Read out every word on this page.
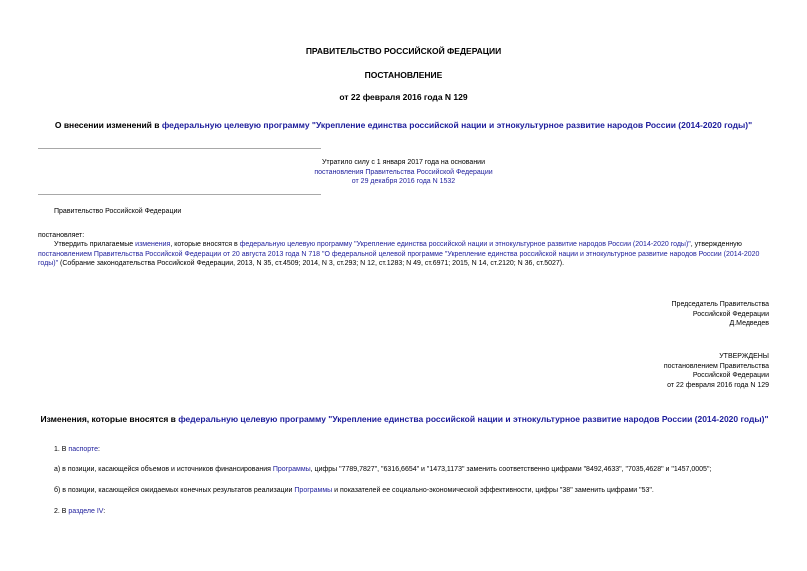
ПРАВИТЕЛЬСТВО РОССИЙСКОЙ ФЕДЕРАЦИИ
ПОСТАНОВЛЕНИЕ
от 22 февраля 2016 года N 129
О внесении изменений в федеральную целевую программу "Укрепление единства российской нации и этнокультурное развитие народов России (2014-2020 годы)"

Утратило силу с 1 января 2017 года на основании

постановления Правительства Российской Федерации

от 29 декабря 2016 года N 1532

Правительство Российской Федерации
постановляет:
Утвердить прилагаемые изменения, которые вносятся в федеральную целевую программу "Укрепление единства российской нации и этнокультурное развитие народов России (2014-2020 годы)", утвержденную постановлением Правительства Российской Федерации от 20 августа 2013 года N 718 "О федеральной целевой программе "Укрепление единства российской нации и этнокультурное развитие народов России (2014-2020 годы)" (Собрание законодательства Российской Федерации, 2013, N 35, ст.4509; 2014, N 3, ст.293; N 12, ст.1283; N 49, ст.6971; 2015, N 14, ст.2120; N 36, ст.5027).

Председатель Правительства

Российской Федерации

Д.Медведев

УТВЕРЖДЕНЫ

постановлением Правительства

Российской Федерации

от 22 февраля 2016 года N 129

Изменения, которые вносятся в федеральную целевую программу "Укрепление единства российской нации и этнокультурное развитие народов России (2014-2020 годы)"
1. В паспорте:
а) в позиции, касающейся объемов и источников финансирования Программы, цифры "7789,7827", "6316,6654" и "1473,1173" заменить соответственно цифрами "8492,4633", "7035,4628" и "1457,0005";
б) в позиции, касающейся ожидаемых конечных результатов реализации Программы и показателей ее социально-экономической эффективности, цифры "38" заменить цифрами "53".
2. В разделе IV:
